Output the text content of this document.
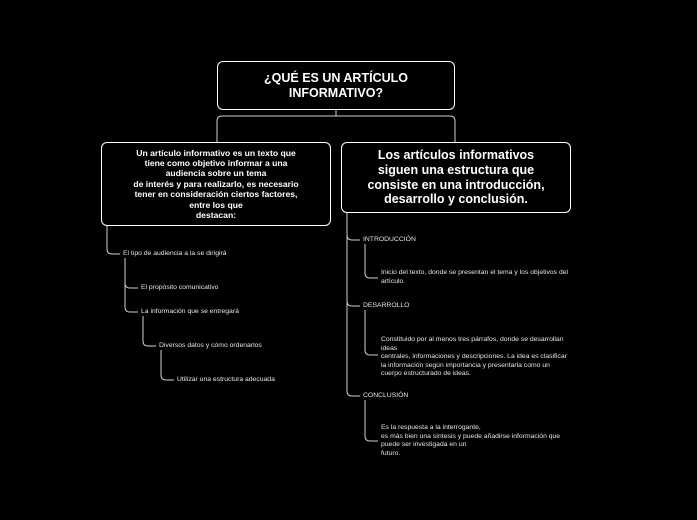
¿QUÉ ES UN ARTÍCULO
INFORMATIVO?
Un artículo informativo es un texto que
tiene como objetivo informar a una
audiencia sobre un tema
de interés y para realizarlo, es necesario
tener en consideración ciertos factores,
entre los que
destacan:
Los artículos informativos
siguen una estructura que
consiste en una introducción,
desarrollo y conclusión.
El tipo de audiencia a la se dirigirá
El propósito comunicativo
La información que se entregará
Diversos datos y cómo ordenarlos
Utilizar una estructura adecuada
INTRODUCCIÓN
Inicio del texto, donde se presentan el tema y los objetivos del
artículo.
DESARROLLO
Constituido por al menos tres párrafos, donde se desarrollan
ideas
centrales, informaciones y descripciones. La idea es clasificar
la información según importancia y presentarla como un
cuerpo estructurado de ideas.
CONCLUSIÓN
Es la respuesta a la interrogante,
es más bien una síntesis y puede añadirse información que
puede ser investigada en un
futuro.
